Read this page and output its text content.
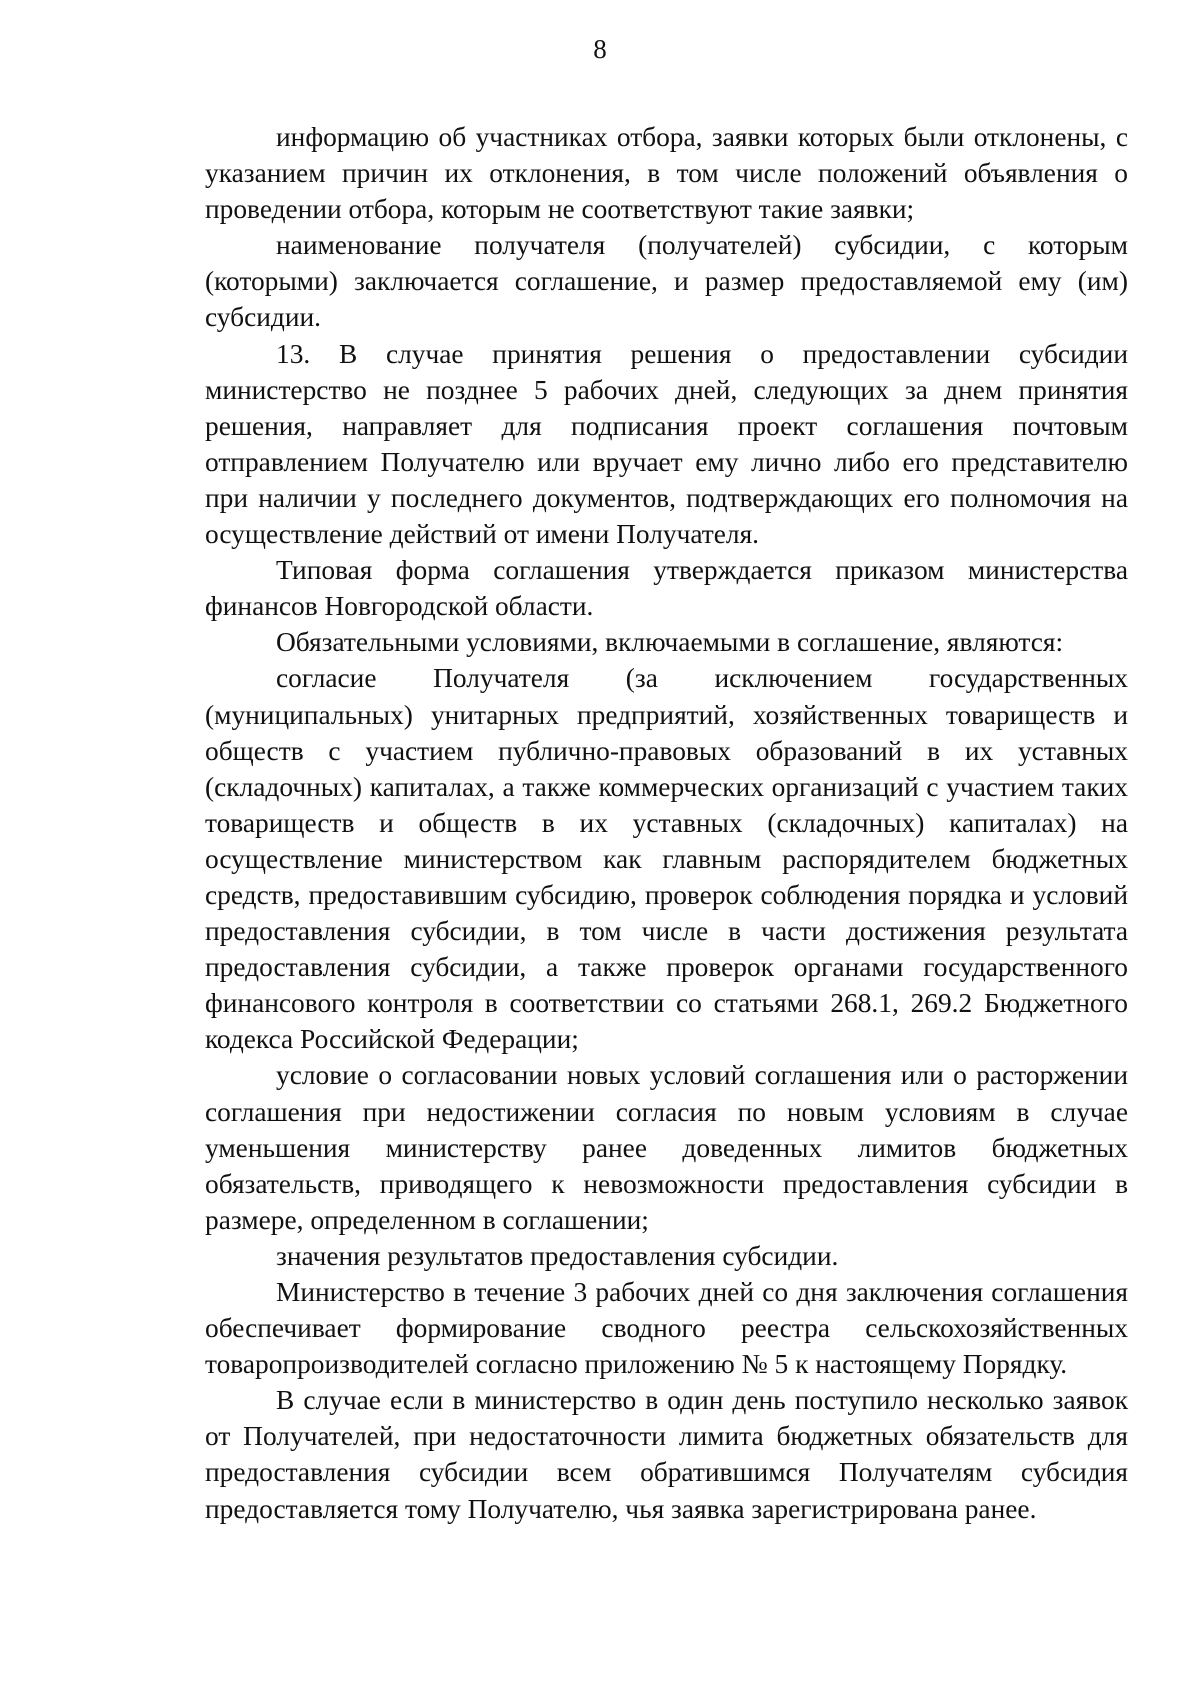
8

информацию об участниках отбора, заявки которых были отклонены, с указанием причин их отклонения, в том числе положений объявления о проведении отбора, которым не соответствуют такие заявки;

наименование получателя (получателей) субсидии, с которым (которыми) заключается соглашение, и размер предоставляемой ему (им) субсидии.

13. В случае принятия решения о предоставлении субсидии министерство не позднее 5 рабочих дней, следующих за днем принятия решения, направляет для подписания проект соглашения почтовым отправлением Получателю или вручает ему лично либо его представителю при наличии у последнего документов, подтверждающих его полномочия на осуществление действий от имени Получателя.

Типовая форма соглашения утверждается приказом министерства финансов Новгородской области.

Обязательными условиями, включаемыми в соглашение, являются:

согласие Получателя (за исключением государственных (муниципальных) унитарных предприятий, хозяйственных товариществ и обществ с участием публично-правовых образований в их уставных (складочных) капиталах, а также коммерческих организаций с участием таких товариществ и обществ в их уставных (складочных) капиталах) на осуществление министерством как главным распорядителем бюджетных средств, предоставившим субсидию, проверок соблюдения порядка и условий предоставления субсидии, в том числе в части достижения результата предоставления субсидии, а также проверок органами государственного финансового контроля в соответствии со статьями 268.1, 269.2 Бюджетного кодекса Российской Федерации;

условие о согласовании новых условий соглашения или о расторжении соглашения при недостижении согласия по новым условиям в случае уменьшения министерству ранее доведенных лимитов бюджетных обязательств, приводящего к невозможности предоставления субсидии в размере, определенном в соглашении;

значения результатов предоставления субсидии.

Министерство в течение 3 рабочих дней со дня заключения соглашения обеспечивает формирование сводного реестра сельскохозяйственных товаропроизводителей согласно приложению № 5 к настоящему Порядку.

В случае если в министерство в один день поступило несколько заявок от Получателей, при недостаточности лимита бюджетных обязательств для предоставления субсидии всем обратившимся Получателям субсидия предоставляется тому Получателю, чья заявка зарегистрирована ранее.
